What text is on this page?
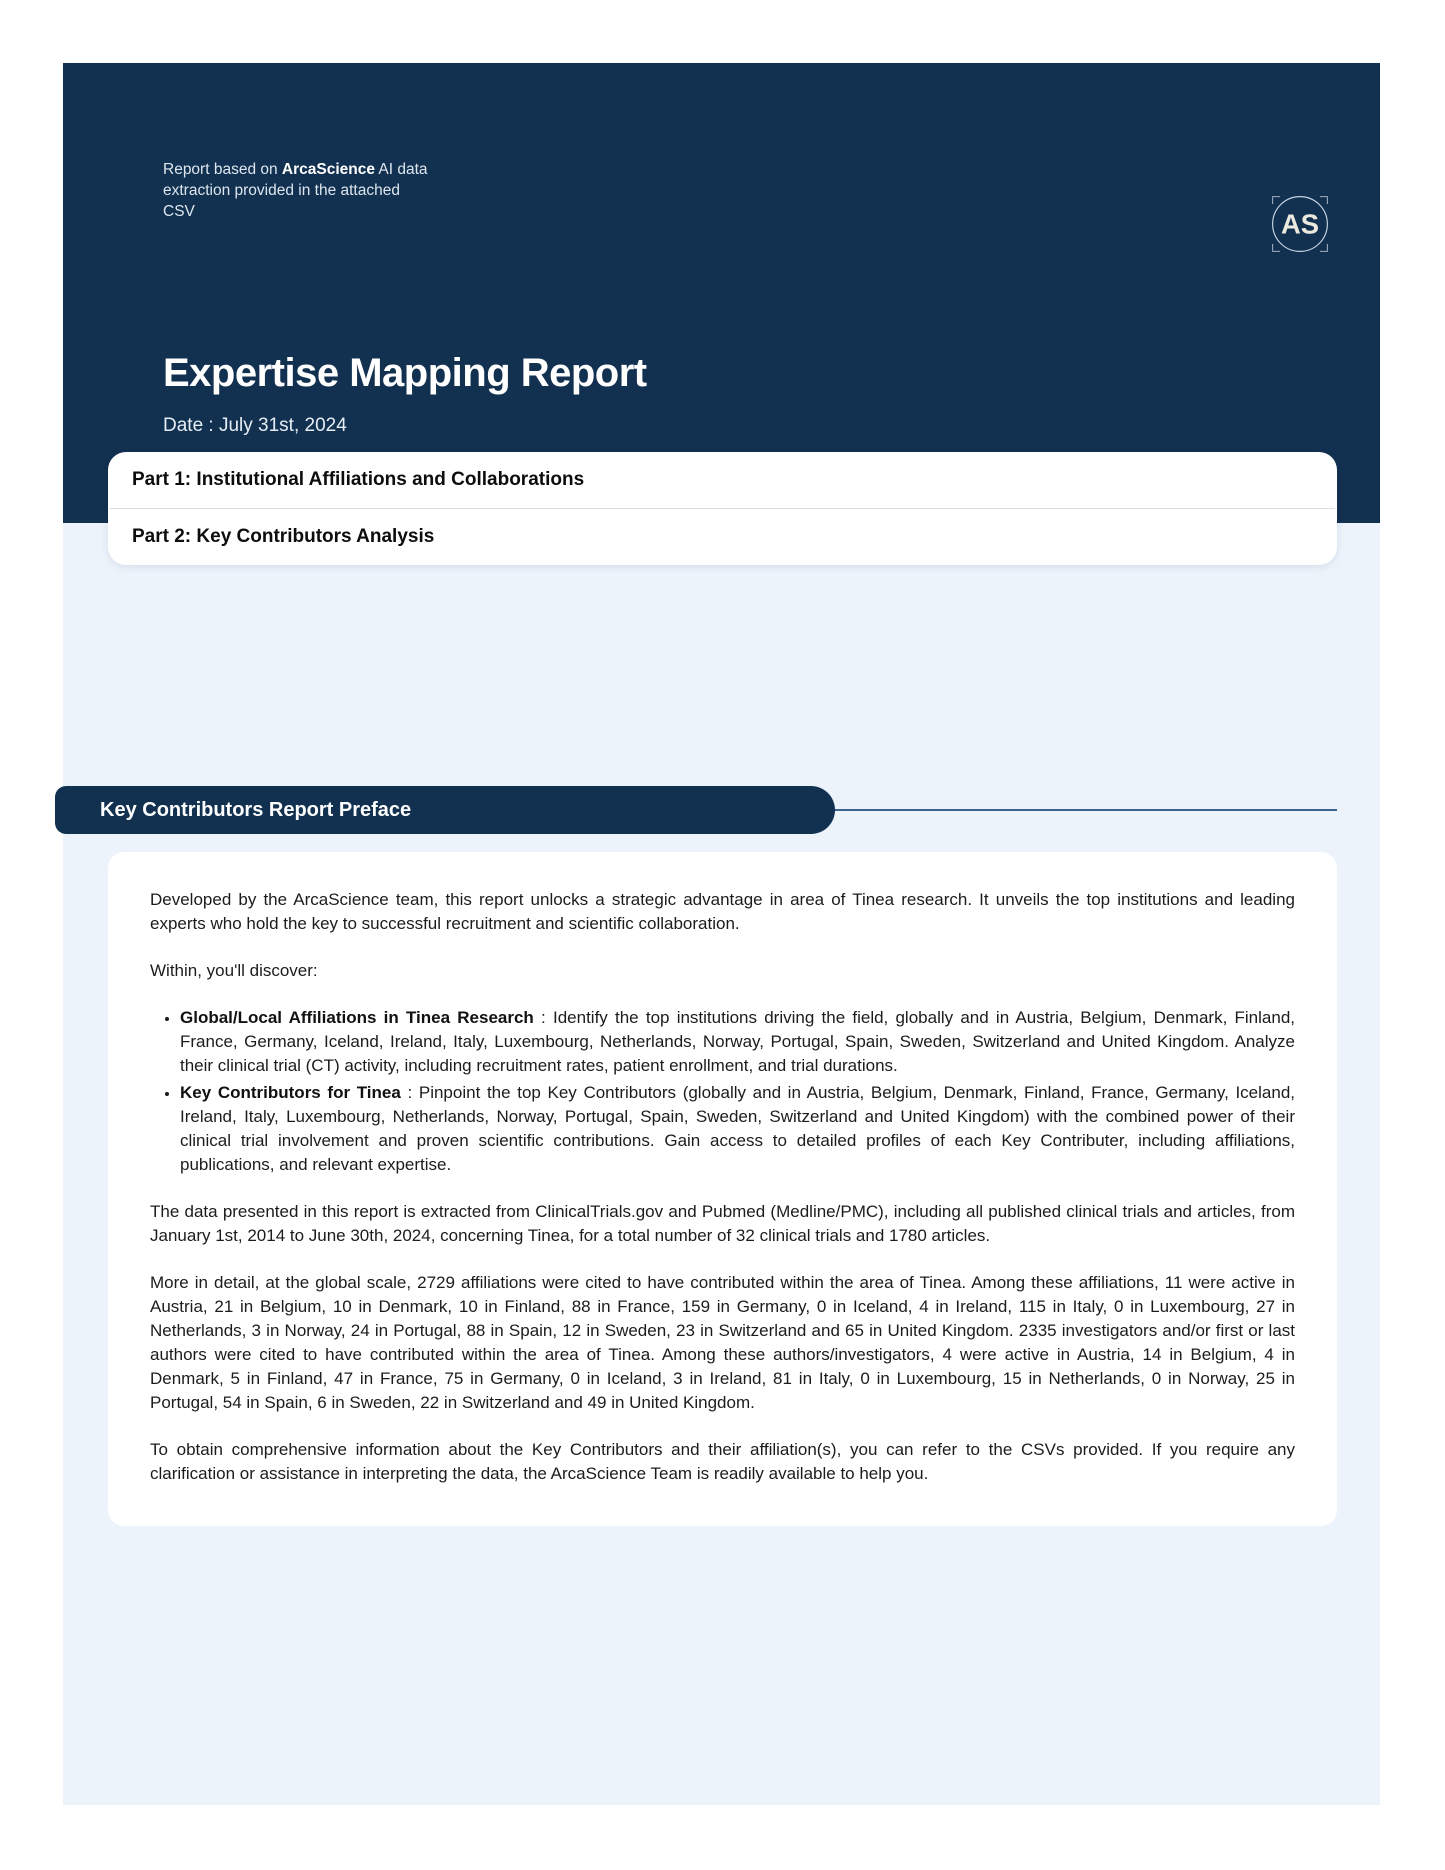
Report based on ArcaScience AI data extraction provided in the attached CSV	AS
Expertise Mapping Report
Date : July 31st, 2024
Part 1: Institutional Affiliations and Collaborations
Part 2: Key Contributors Analysis
Key Contributors Report Preface

Developed by the ArcaScience team, this report unlocks a strategic advantage in area of Tinea research. It unveils the top institutions and leading experts who hold the key to successful recruitment and scientific collaboration.

Within, you'll discover:

• Global/Local Affiliations in Tinea Research : Identify the top institutions driving the field, globally and in Austria, Belgium, Denmark, Finland, France, Germany, Iceland, Ireland, Italy, Luxembourg, Netherlands, Norway, Portugal, Spain, Sweden, Switzerland and United Kingdom. Analyze their clinical trial (CT) activity, including recruitment rates, patient enrollment, and trial durations.
• Key Contributors for Tinea : Pinpoint the top Key Contributors (globally and in Austria, Belgium, Denmark, Finland, France, Germany, Iceland, Ireland, Italy, Luxembourg, Netherlands, Norway, Portugal, Spain, Sweden, Switzerland and United Kingdom) with the combined power of their clinical trial involvement and proven scientific contributions. Gain access to detailed profiles of each Key Contributer, including affiliations, publications, and relevant expertise.

The data presented in this report is extracted from ClinicalTrials.gov and Pubmed (Medline/PMC), including all published clinical trials and articles, from January 1st, 2014 to June 30th, 2024, concerning Tinea, for a total number of 32 clinical trials and 1780 articles.

More in detail, at the global scale, 2729 affiliations were cited to have contributed within the area of Tinea. Among these affiliations, 11 were active in Austria, 21 in Belgium, 10 in Denmark, 10 in Finland, 88 in France, 159 in Germany, 0 in Iceland, 4 in Ireland, 115 in Italy, 0 in Luxembourg, 27 in Netherlands, 3 in Norway, 24 in Portugal, 88 in Spain, 12 in Sweden, 23 in Switzerland and 65 in United Kingdom. 2335 investigators and/or first or last authors were cited to have contributed within the area of Tinea. Among these authors/investigators, 4 were active in Austria, 14 in Belgium, 4 in Denmark, 5 in Finland, 47 in France, 75 in Germany, 0 in Iceland, 3 in Ireland, 81 in Italy, 0 in Luxembourg, 15 in Netherlands, 0 in Norway, 25 in Portugal, 54 in Spain, 6 in Sweden, 22 in Switzerland and 49 in United Kingdom.

To obtain comprehensive information about the Key Contributors and their affiliation(s), you can refer to the CSVs provided. If you require any clarification or assistance in interpreting the data, the ArcaScience Team is readily available to help you.
